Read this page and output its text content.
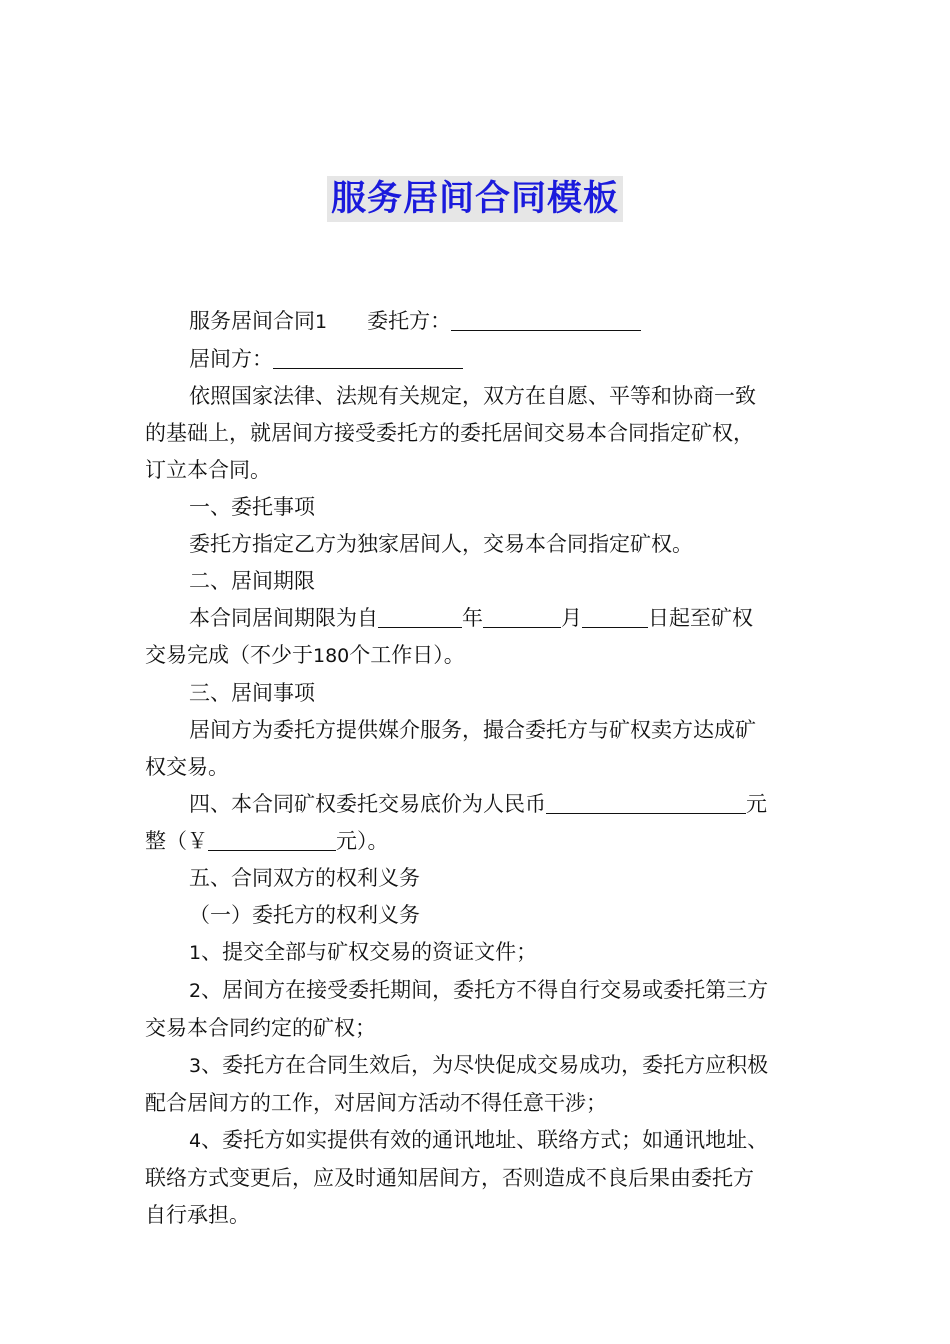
服务居间合同模板

服务居间合同1 委托方：

居间方：

依照国家法律、法规有关规定，双方在自愿、平等和协商一致

的基础上，就居间方接受委托方的委托居间交易本合同指定矿权，

订立本合同。

一、委托事项

委托方指定乙方为独家居间人，交易本合同指定矿权。

二、居间期限

本合同居间期限为自	年	月	日起至矿权

交易完成（不少于180个工作日）。

三、居间事项

居间方为委托方提供媒介服务，撮合委托方与矿权卖方达成矿

权交易。

四、本合同矿权委托交易底价为人民币	元

整（￥	元）。

五、合同双方的权利义务

（一）委托方的权利义务

1、提交全部与矿权交易的资证文件；

2、居间方在接受委托期间，委托方不得自行交易或委托第三方

交易本合同约定的矿权；

3、委托方在合同生效后，为尽快促成交易成功，委托方应积极

配合居间方的工作，对居间方活动不得任意干涉；

4、委托方如实提供有效的通讯地址、联络方式；如通讯地址、

联络方式变更后，应及时通知居间方，否则造成不良后果由委托方

自行承担。
